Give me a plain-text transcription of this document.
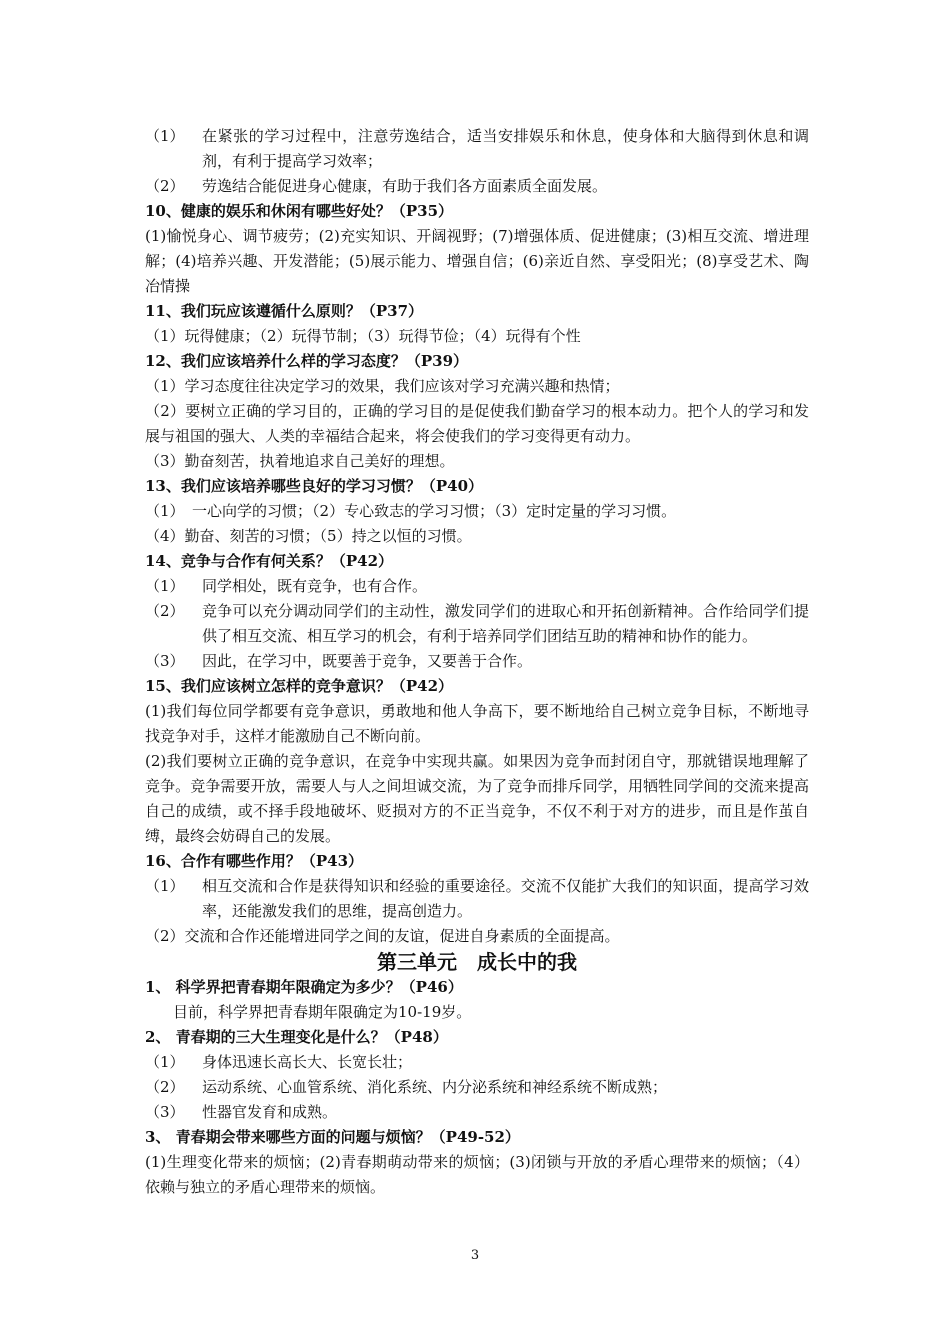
（1） 在紧张的学习过程中，注意劳逸结合，适当安排娱乐和休息，使身体和大脑得到休息和调剂，有利于提高学习效率；
（2） 劳逸结合能促进身心健康，有助于我们各方面素质全面发展。
10、健康的娱乐和休闲有哪些好处？（P35）
(1)愉悦身心、调节疲劳；(2)充实知识、开阔视野；(7)增强体质、促进健康；(3)相互交流、增进理解；(4)培养兴趣、开发潜能；(5)展示能力、增强自信；(6)亲近自然、享受阳光；(8)享受艺术、陶冶情操
11、我们玩应该遵循什么原则？（P37）
（1）玩得健康；（2）玩得节制；（3）玩得节俭；（4）玩得有个性
12、我们应该培养什么样的学习态度？（P39）
（1）学习态度往往决定学习的效果，我们应该对学习充满兴趣和热情；
（2）要树立正确的学习目的，正确的学习目的是促使我们勤奋学习的根本动力。把个人的学习和发展与祖国的强大、人类的幸福结合起来，将会使我们的学习变得更有动力。
（3）勤奋刻苦，执着地追求自己美好的理想。
13、我们应该培养哪些良好的学习习惯？（P40）
（1）　一心向学的习惯；（2）专心致志的学习习惯；（3）定时定量的学习习惯。
（4）勤奋、刻苦的习惯；（5）持之以恒的习惯。
14、竞争与合作有何关系？（P42）
（1） 同学相处，既有竞争，也有合作。
（2） 竞争可以充分调动同学们的主动性，激发同学们的进取心和开拓创新精神。合作给同学们提供了相互交流、相互学习的机会，有利于培养同学们团结互助的精神和协作的能力。
（3） 因此，在学习中，既要善于竞争，又要善于合作。
15、我们应该树立怎样的竞争意识？（P42）
(1)我们每位同学都要有竞争意识，勇敢地和他人争高下，要不断地给自己树立竞争目标，不断地寻找竞争对手，这样才能激励自己不断向前。
(2)我们要树立正确的竞争意识，在竞争中实现共赢。如果因为竞争而封闭自守，那就错误地理解了竞争。竞争需要开放，需要人与人之间坦诚交流，为了竞争而排斥同学，用牺牲同学间的交流来提高自己的成绩，或不择手段地破坏、贬损对方的不正当竞争，不仅不利于对方的进步，而且是作茧自缚，最终会妨碍自己的发展。
16、合作有哪些作用？（P43）
（1） 相互交流和合作是获得知识和经验的重要途径。交流不仅能扩大我们的知识面，提高学习效率，还能激发我们的思维，提高创造力。
（2）交流和合作还能增进同学之间的友谊，促进自身素质的全面提高。
第三单元　成长中的我
1、 科学界把青春期年限确定为多少？（P46）
目前，科学界把青春期年限确定为10-19岁。
2、 青春期的三大生理变化是什么？（P48）
（1） 身体迅速长高长大、长宽长壮；
（2） 运动系统、心血管系统、消化系统、内分泌系统和神经系统不断成熟；
（3） 性器官发育和成熟。
3、 青春期会带来哪些方面的问题与烦恼？（P49-52）
(1)生理变化带来的烦恼；(2)青春期萌动带来的烦恼；(3)闭锁与开放的矛盾心理带来的烦恼；（4）依赖与独立的矛盾心理带来的烦恼。
3
